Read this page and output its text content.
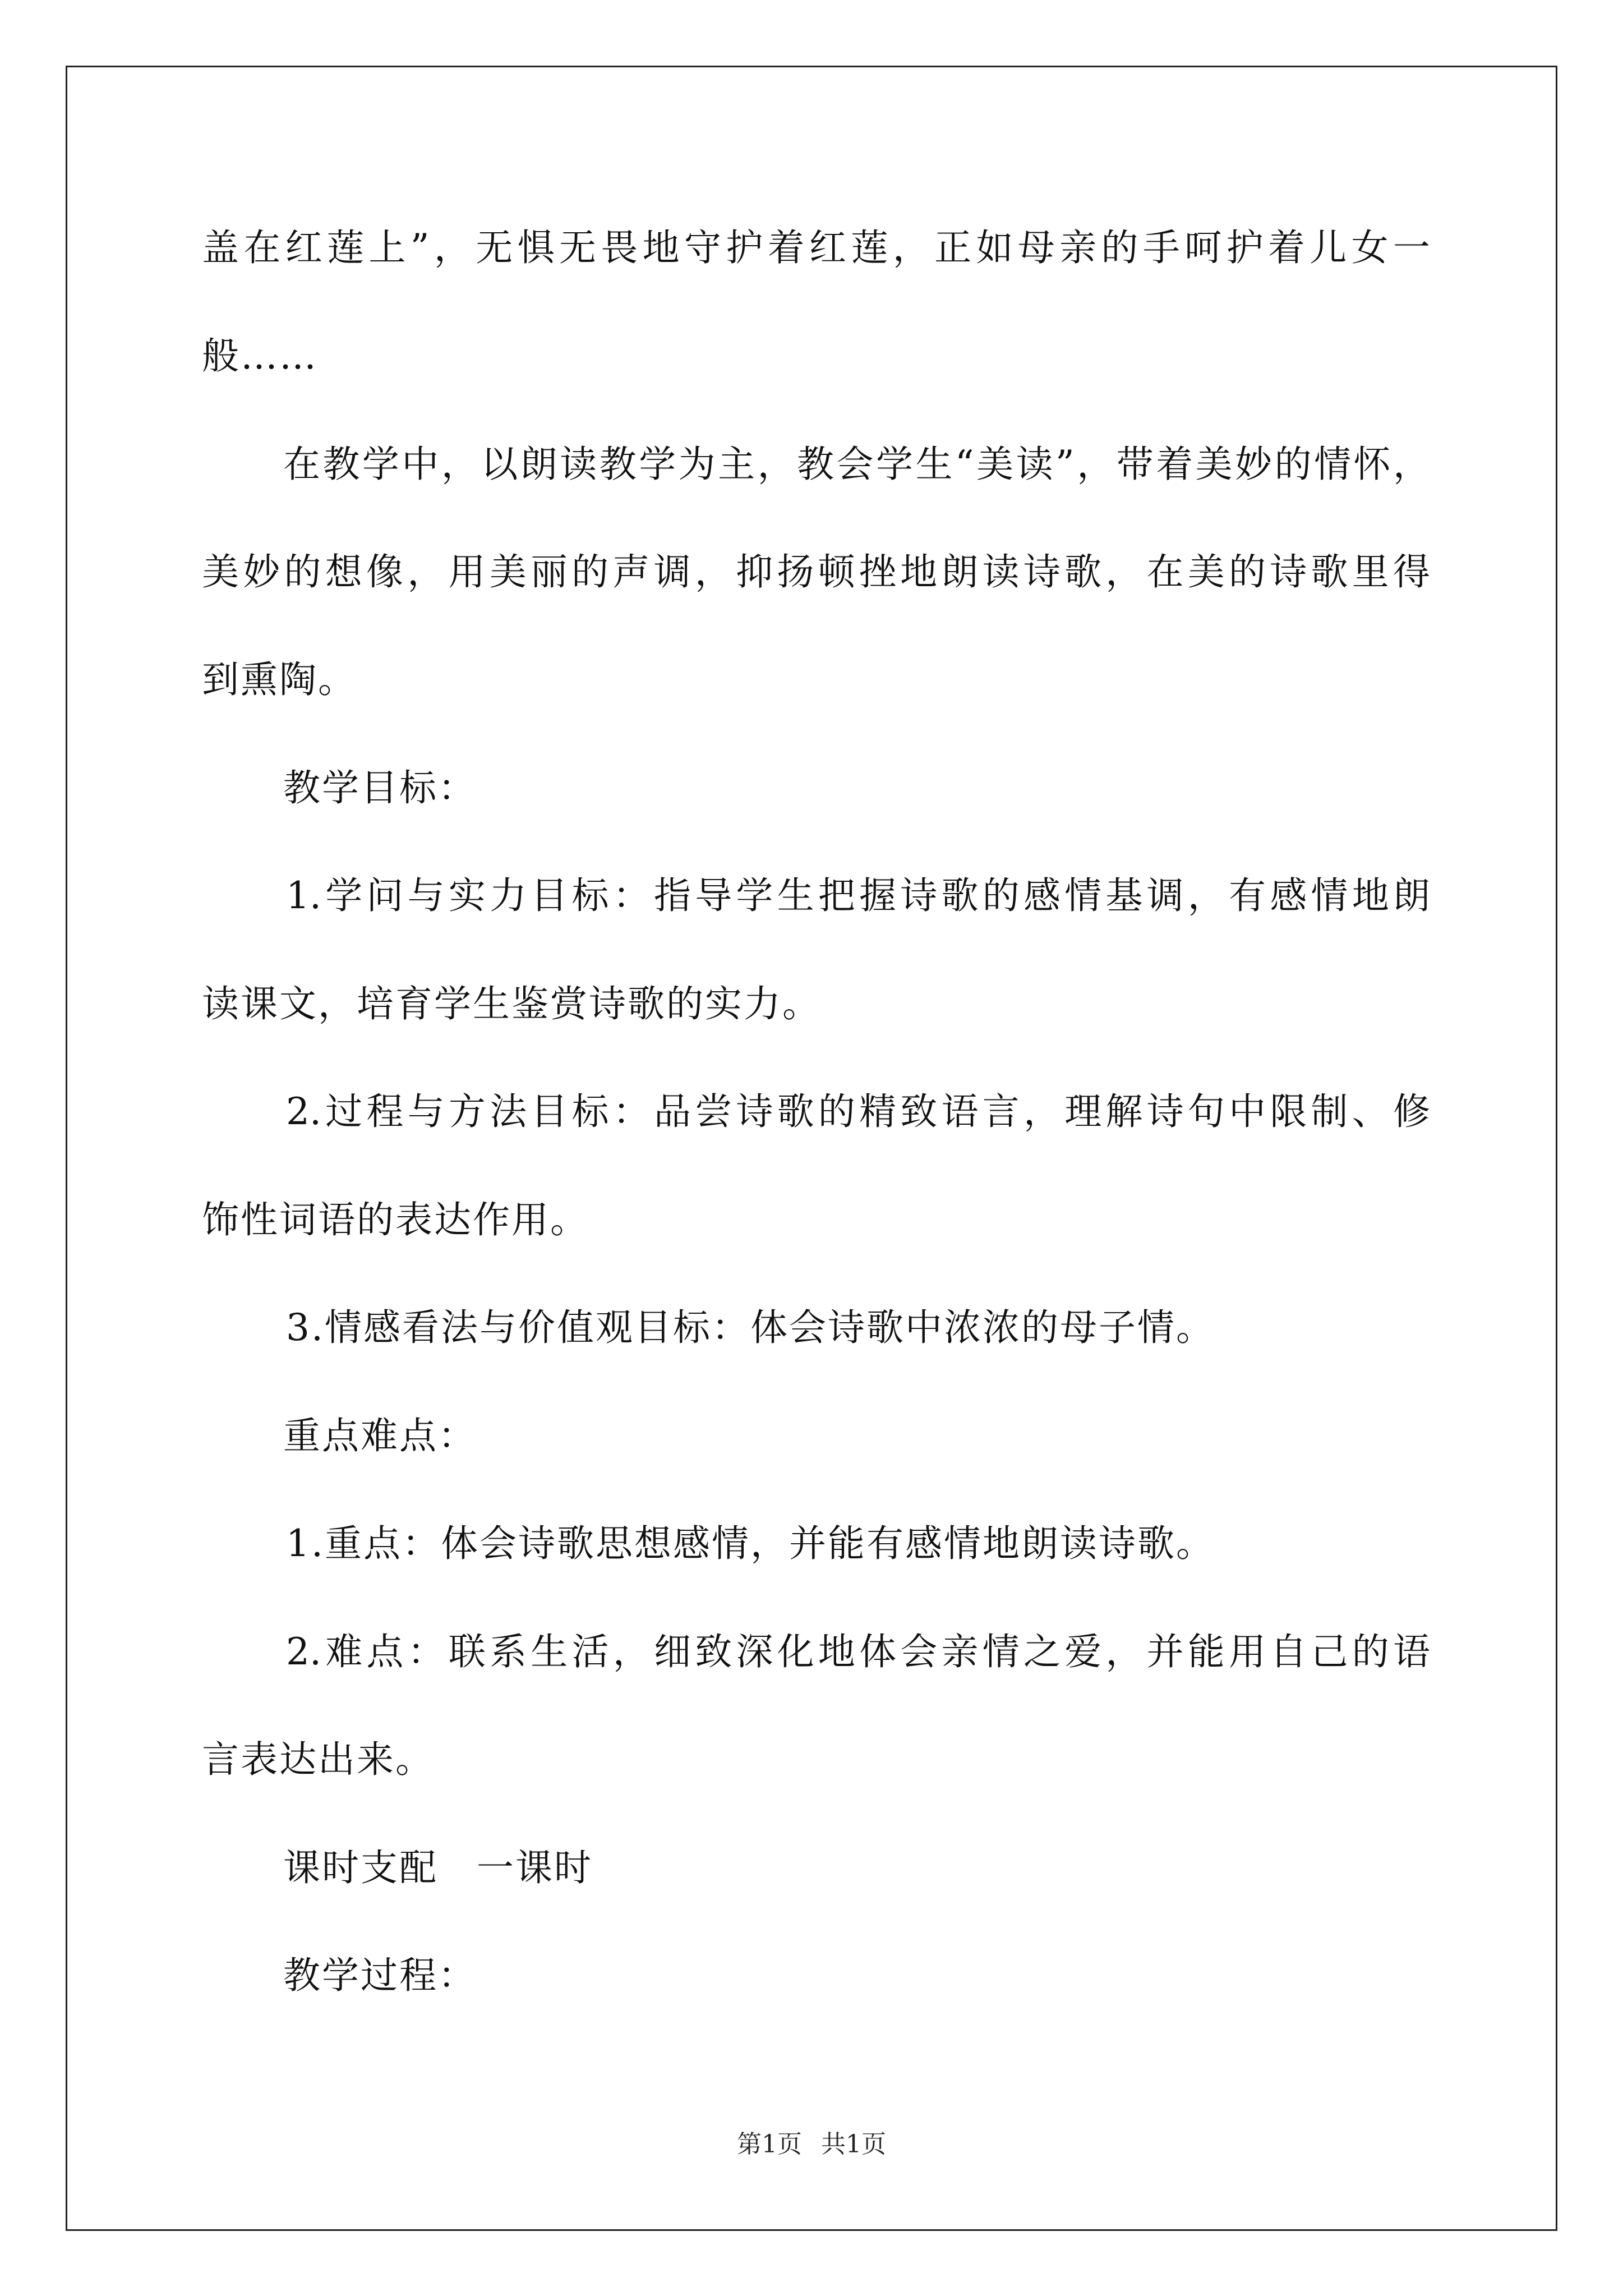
盖在红莲上”，无惧无畏地守护着红莲，正如母亲的手呵护着儿女一
般……
在教学中，以朗读教学为主，教会学生“美读”，带着美妙的情怀，
美妙的想像，用美丽的声调，抑扬顿挫地朗读诗歌，在美的诗歌里得
到熏陶。
教学目标：
1.学问与实力目标：指导学生把握诗歌的感情基调，有感情地朗
读课文，培育学生鉴赏诗歌的实力。
2.过程与方法目标：品尝诗歌的精致语言，理解诗句中限制、修
饰性词语的表达作用。
3.情感看法与价值观目标：体会诗歌中浓浓的母子情。
重点难点：
1.重点：体会诗歌思想感情，并能有感情地朗读诗歌。
2.难点：联系生活，细致深化地体会亲情之爱，并能用自己的语
言表达出来。
课时支配　一课时
教学过程：
第1页 共1页
